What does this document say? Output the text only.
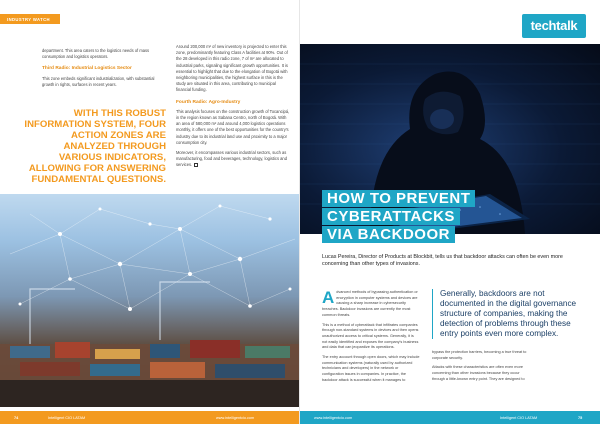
INDUSTRY WATCH

department. This area caters to the logistics needs of mass consumption and logistics operators.

Third Radio: Industrial Logistics Sector

This zone embeds significant industrialization, with substantial growth in rights, surfaces in recent years.

WITH THIS ROBUST INFORMATION SYSTEM, FOUR ACTION ZONES ARE ANALYZED THROUGH VARIOUS INDICATORS, ALLOWING FOR ANSWERING FUNDAMENTAL QUESTIONS.

Around 200,000 m² of new inventory is projected to enter this zone, predominantly featuring Class A facilities at 90%. Out of the 28 developed in this radio zone, 7 of m² are allocated to industrial parks, signaling significant growth opportunities. It is essential to highlight that due to the elongation of Bogotá with neighboring municipalities, the highest surface in this is the study are situated in this area, contributing to municipal financial funding.

Fourth Radio: Agro-Industry

This analysis focuses on the construction growth of Tocancipá, in the region known as Sabana Centro, north of Bogotá. With an area of 580,000 m² and around 4,000 logistics operations monthly, it offers one of the best opportunities for the country's industry due to its industrial land use and proximity to a major consumption city.

Moreover, it encompasses various industrial sectors, such as manufacturing, food and beverages, technology, logistics and services.

74	Intelligent CIO LATAM	www.intelligentcio.com
techtalk
HOW TO PREVENT
CYBERATTACKS
VIA BACKDOOR
Lucas Pereira, Director of Products at Blockbit, tells us that backdoor attacks can often be even more concerning than other types of invasions.

Advanced methods of bypassing authentication or encryption in computer systems and devices are causing a sharp increase in cybersecurity breaches. Backdoor invasions are currently the most common threats.

This is a method of cyberattack that infiltrates companies through non-standard systems in devices and then opens unauthorized access to critical systems. Generally, it is not easily identified and exposes the company's business and data that can jeopardize its operations.

The entry account through open doors, which may include communication systems (naturally used by authorized technicians and developers) in the network or configuration issues in companies. In practice, the backdoor attack is successful when it manages to

Generally, backdoors are not documented in the digital governance structure of companies, making the detection of problems through these entry points even more complex.

bypass the protection barriers, becoming a true threat to corporate security.

Attacks with these characteristics are often even more concerning than other invasions because they occur through a little-known entry point. They are designed to

www.intelligentcio.com	Intelligent CIO LATAM	75
